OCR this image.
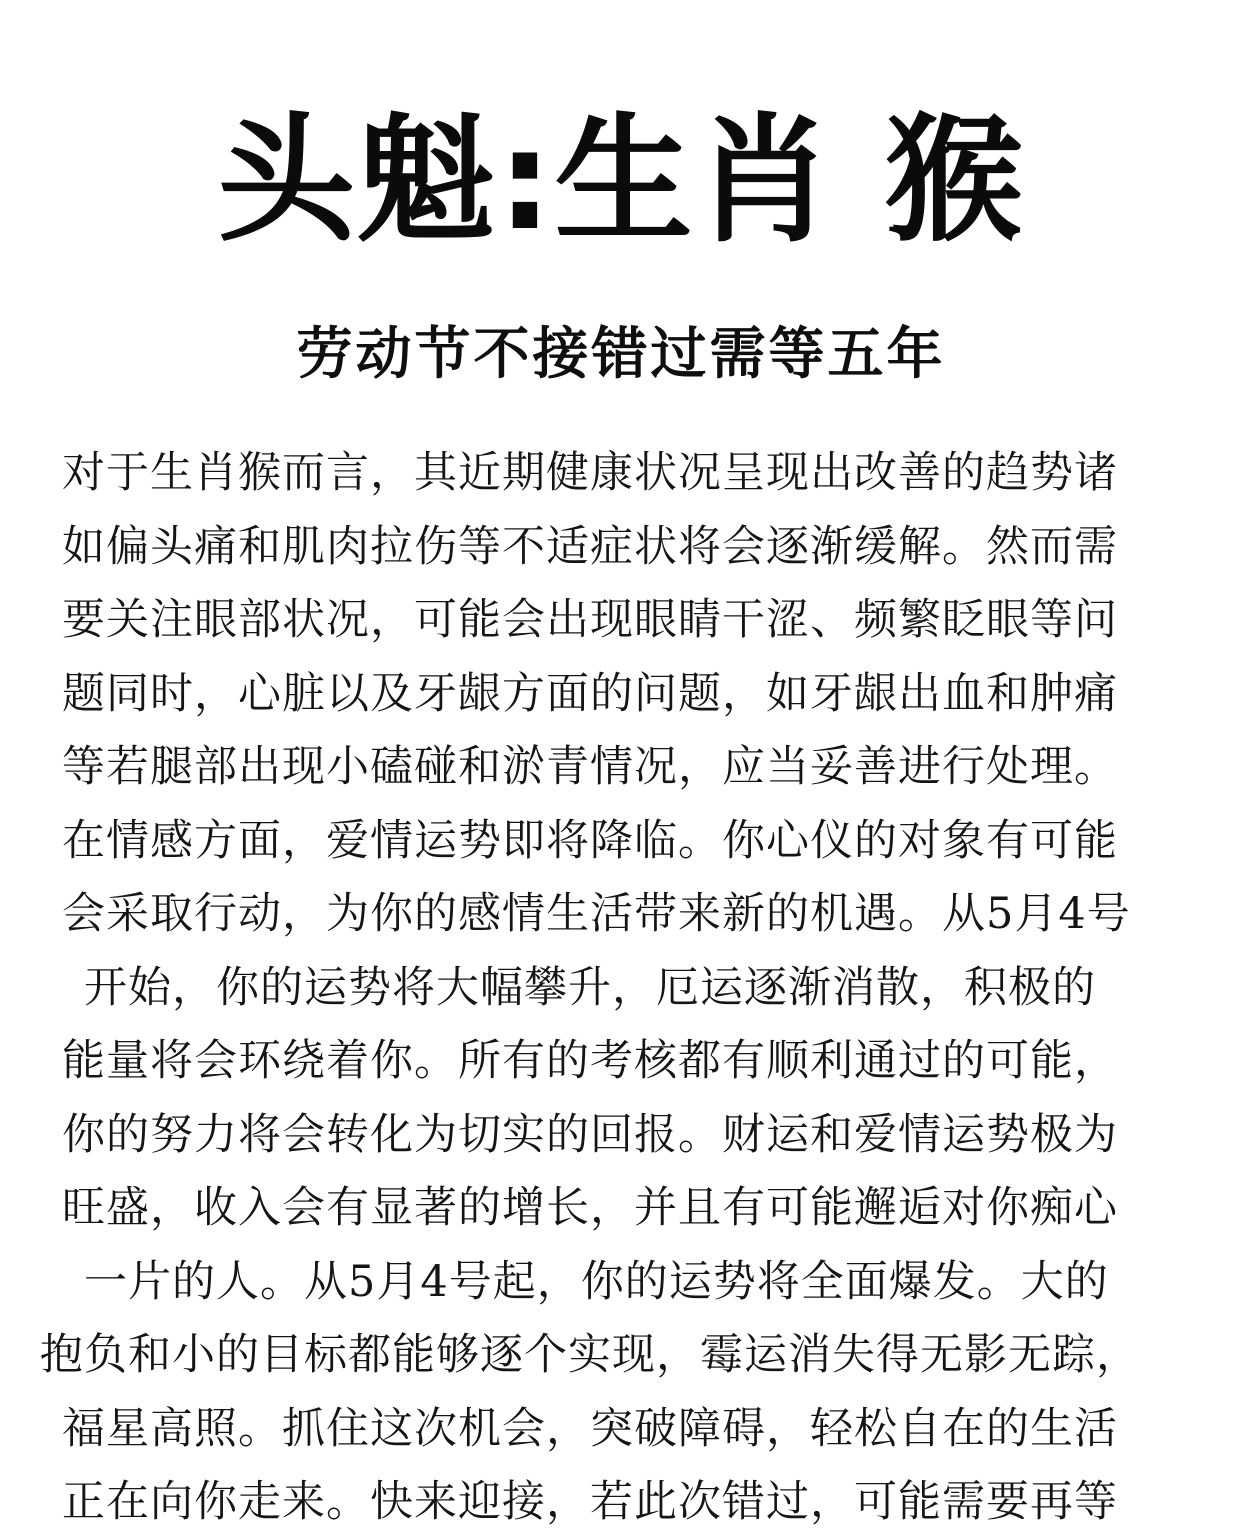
头魁:生肖 猴
劳动节不接错过需等五年
对于生肖猴而言，其近期健康状况呈现出改善的趋势诸
如偏头痛和肌肉拉伤等不适症状将会逐渐缓解。然而需
要关注眼部状况，可能会出现眼睛干涩、频繁眨眼等问
题同时，心脏以及牙龈方面的问题，如牙龈出血和肿痛
等若腿部出现小磕碰和淤青情况，应当妥善进行处理。
在情感方面，爱情运势即将降临。你心仪的对象有可能
会采取行动，为你的感情生活带来新的机遇。从5月4号
开始，你的运势将大幅攀升，厄运逐渐消散，积极的
能量将会环绕着你。所有的考核都有顺利通过的可能，
你的努力将会转化为切实的回报。财运和爱情运势极为
旺盛，收入会有显著的增长，并且有可能邂逅对你痴心
一片的人。从5月4号起，你的运势将全面爆发。大的
抱负和小的目标都能够逐个实现，霉运消失得无影无踪，
福星高照。抓住这次机会，突破障碍，轻松自在的生活
正在向你走来。快来迎接，若此次错过，可能需要再等
